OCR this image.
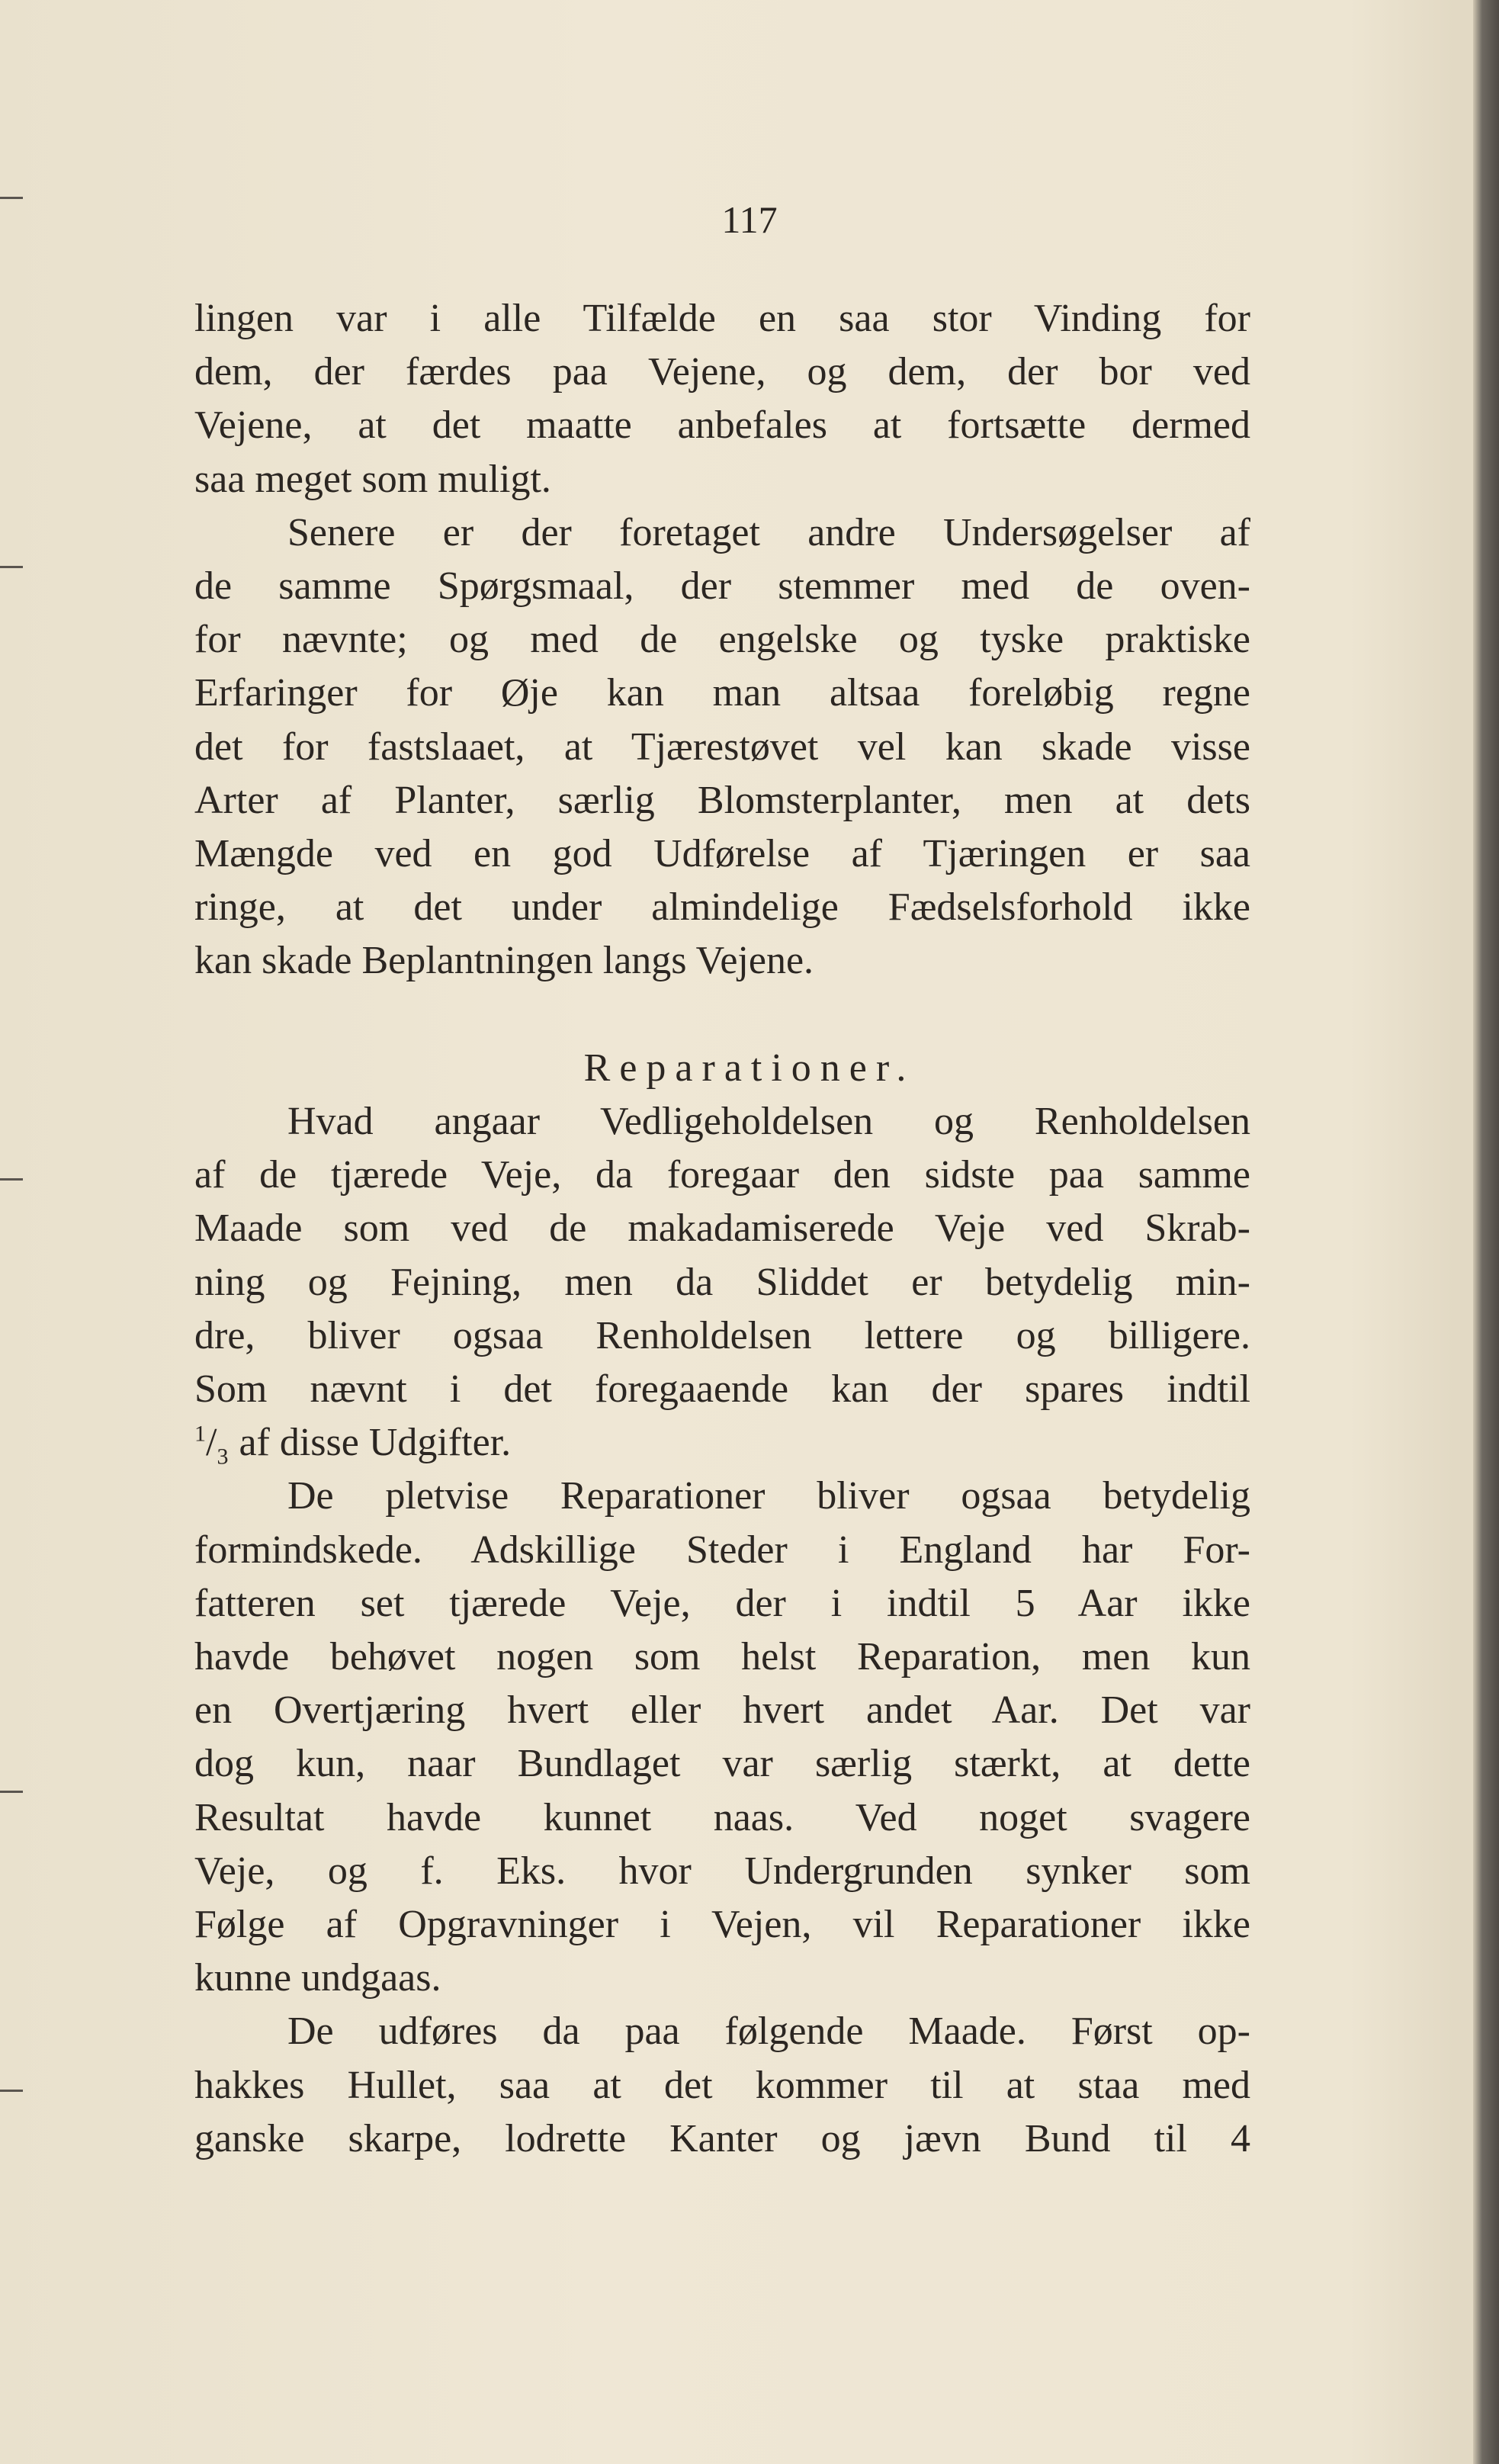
117
lingen var i alle Tilfælde en saa stor Vinding for
dem, der færdes paa Vejene, og dem, der bor ved
Vejene, at det maatte anbefales at fortsætte dermed
saa meget som muligt.
Senere er der foretaget andre Undersøgelser af
de samme Spørgsmaal, der stemmer med de oven-
for nævnte; og med de engelske og tyske praktiske
Erfaringer for Øje kan man altsaa foreløbig regne
det for fastslaaet, at Tjærestøvet vel kan skade visse
Arter af Planter, særlig Blomsterplanter, men at dets
Mængde ved en god Udførelse af Tjæringen er saa
ringe, at det under almindelige Fædselsforhold ikke
kan skade Beplantningen langs Vejene.
Reparationer.
Hvad angaar Vedligeholdelsen og Renholdelsen
af de tjærede Veje, da foregaar den sidste paa samme
Maade som ved de makadamiserede Veje ved Skrab-
ning og Fejning, men da Sliddet er betydelig min-
dre, bliver ogsaa Renholdelsen lettere og billigere.
Som nævnt i det foregaaende kan der spares indtil
$^1/_3$ af disse Udgifter.
De pletvise Reparationer bliver ogsaa betydelig
formindskede. Adskillige Steder i England har For-
fatteren set tjærede Veje, der i indtil 5 Aar ikke
havde behøvet nogen som helst Reparation, men kun
en Overtjæring hvert eller hvert andet Aar. Det var
dog kun, naar Bundlaget var særlig stærkt, at dette
Resultat havde kunnet naas. Ved noget svagere
Veje, og f. Eks. hvor Undergrunden synker som
Følge af Opgravninger i Vejen, vil Reparationer ikke
kunne undgaas.
De udføres da paa følgende Maade. Først op-
hakkes Hullet, saa at det kommer til at staa med
ganske skarpe, lodrette Kanter og jævn Bund til 4
